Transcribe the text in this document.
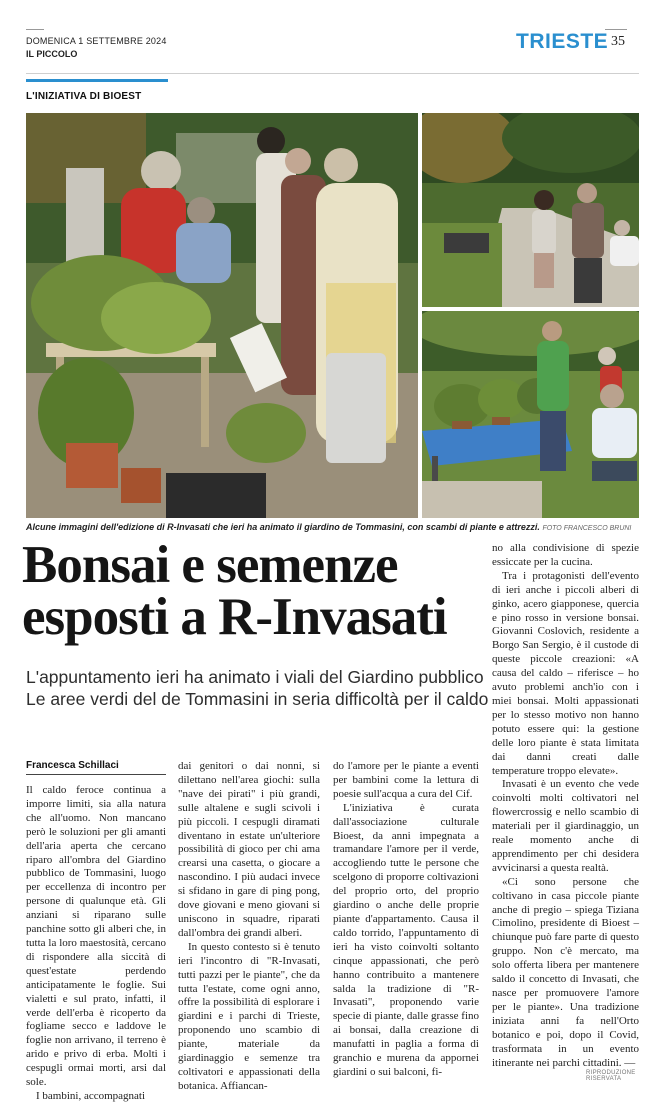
DOMENICA 1 SETTEMBRE 2024
IL PICCOLO
TRIESTE 35
L'INIZIATIVA DI BIOEST
Alcune immagini dell'edizione di R-Invasati che ieri ha animato il giardino de Tommasini, con scambi di piante e attrezzi. FOTO FRANCESCO BRUNI
Bonsai e semenze
esposti a R-Invasati
L'appuntamento ieri ha animato i viali del Giardino pubblico
Le aree verdi del de Tommasini in seria difficoltà per il caldo
Francesca Schillaci

Il caldo feroce continua a imporre limiti, sia alla natura che all'uomo. Non mancano però le soluzioni per gli amanti dell'aria aperta che cercano riparo all'ombra del Giardino pubblico de Tommasini, luogo per eccellenza di incontro per persone di qualunque età. Gli anziani si riparano sulle panchine sotto gli alberi che, in tutta la loro maestosità, cercano di rispondere alla siccità di quest'estate perdendo anticipatamente le foglie. Sui vialetti e sul prato, infatti, il verde dell'erba è ricoperto da fogliame secco e laddove le foglie non arrivano, il terreno è arido e privo di erba. Molti i cespugli ormai morti, arsi dal sole.

I bambini, accompagnati

dai genitori o dai nonni, si dilettano nell'area giochi: sulla "nave dei pirati" i più grandi, sulle altalene e sugli scivoli i più piccoli. I cespugli diramati diventano in estate un'ulteriore possibilità di gioco per chi ama crearsi una casetta, o giocare a nascondino. I più audaci invece si sfidano in gare di ping pong, dove giovani e meno giovani si uniscono in squadre, riparati dall'ombra dei grandi alberi.

In questo contesto si è tenuto ieri l'incontro di "R-Invasati, tutti pazzi per le piante", che da tutta l'estate, come ogni anno, offre la possibilità di esplorare i giardini e i parchi di Trieste, proponendo uno scambio di piante, materiale da giardinaggio e semenze tra coltivatori e appassionati della botanica. Affiancan-

do l'amore per le piante a eventi per bambini come la lettura di poesie sull'acqua a cura del Cif.

L'iniziativa è curata dall'associazione culturale Bioest, da anni impegnata a tramandare l'amore per il verde, accogliendo tutte le persone che scelgono di proporre coltivazioni del proprio orto, del proprio giardino o anche delle proprie piante d'appartamento. Causa il caldo torrido, l'appuntamento di ieri ha visto coinvolti soltanto cinque appassionati, che però hanno contribuito a mantenere salda la tradizione di "R-Invasati", proponendo varie specie di piante, dalle grasse fino ai bonsai, dalla creazione di manufatti in paglia a forma di granchio e murena da appornei giardini o sui balconi, fi-

no alla condivisione di spezie essiccate per la cucina.

Tra i protagonisti dell'evento di ieri anche i piccoli alberi di ginko, acero giapponese, quercia e pino rosso in versione bonsai. Giovanni Coslovich, residente a Borgo San Sergio, è il custode di queste piccole creazioni: «A causa del caldo – riferisce – ho avuto problemi anch'io con i miei bonsai. Molti appassionati per lo stesso motivo non hanno potuto essere qui: la gestione delle loro piante è stata limitata dai danni creati dalle temperature troppo elevate».

Invasati è un evento che vede coinvolti molti coltivatori nel flowercrossig e nello scambio di materiali per il giardinaggio, un reale momento anche di apprendimento per chi desidera avvicinarsi a questa realtà.

«Ci sono persone che coltivano in casa piccole piante anche di pregio – spiega Tiziana Cimolino, presidente di Bioest – chiunque può fare parte di questo gruppo. Non c'è mercato, ma solo offerta libera per mantenere saldo il concetto di Invasati, che nasce per promuovere l'amore per le piante». Una tradizione iniziata anni fa nell'Orto botanico e poi, dopo il Covid, trasformata in un evento itinerante nei parchi cittadini. —

RIPRODUZIONE RISERVATA
